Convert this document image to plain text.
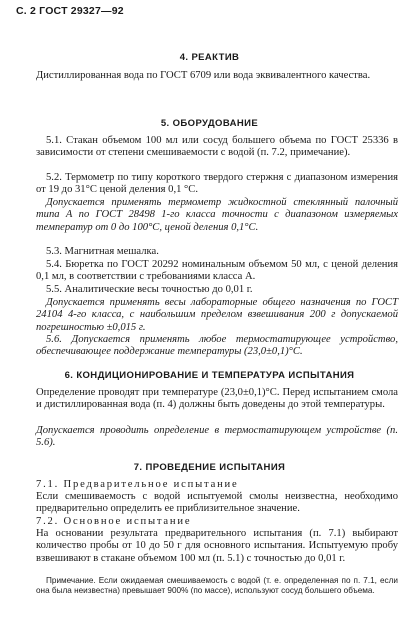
С. 2 ГОСТ 29327—92
4. РЕАКТИВ

Дистиллированная вода по ГОСТ 6709 или вода эквивалентного качества.

5. ОБОРУДОВАНИЕ

5.1. Стакан объемом 100 мл или сосуд большего объема по ГОСТ 25336 в зависимости от степени смешиваемости с водой (п. 7.2, примечание).

5.2. Термометр по типу короткого твердого стержня с диапазоном измерения от 19 до 31°С ценой деления 0,1 °С.

Допускается применять термометр жидкостной стеклянный палочный типа А по ГОСТ 28498 1-го класса точности с диапазоном измеряемых температур от 0 до 100°С, ценой деления 0,1°С.

5.3. Магнитная мешалка.

5.4. Бюретка по ГОСТ 20292 номинальным объемом 50 мл, с ценой деления 0,1 мл, в соответствии с требованиями класса А.

5.5. Аналитические весы точностью до 0,01 г.

Допускается применять весы лабораторные общего назначения по ГОСТ 24104 4-го класса, с наибольшим пределом взвешивания 200 г допускаемой погрешностью ±0,015 г.

5.6. Допускается применять любое термостатирующее устройство, обеспечивающее поддержание температуры (23,0±0,1)°С.

6. КОНДИЦИОНИРОВАНИЕ И ТЕМПЕРАТУРА ИСПЫТАНИЯ

Определение проводят при температуре (23,0±0,1)°С. Перед испытанием смола и дистиллированная вода (п. 4) должны быть доведены до этой температуры.

Допускается проводить определение в термостатирующем устройстве (п. 5.6).

7. ПРОВЕДЕНИЕ ИСПЫТАНИЯ

7.1. Предварительное испытание

Если смешиваемость с водой испытуемой смолы неизвестна, необходимо предварительно определить ее приблизительное значение.

7.2. Основное испытание

На основании результата предварительного испытания (п. 7.1) выбирают количество пробы от 10 до 50 г для основного испытания. Испытуемую пробу взвешивают в стакане объемом 100 мл (п. 5.1) с точностью до 0,01 г.

Примечание. Если ожидаемая смешиваемость с водой (т. е. определенная по п. 7.1, если она была неизвестна) превышает 900% (по массе), используют сосуд большего объема.
